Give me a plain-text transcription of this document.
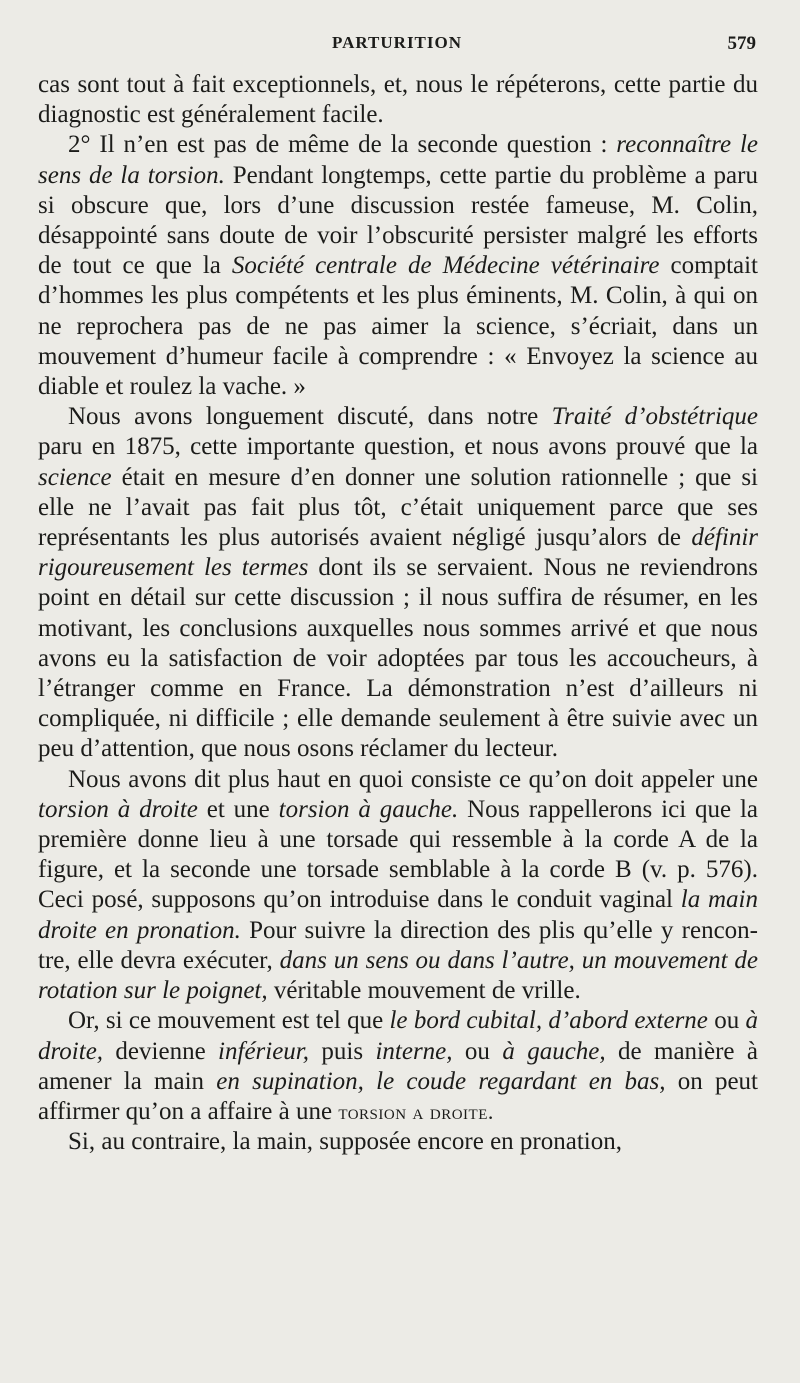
PARTURITION	579

cas sont tout à fait exceptionnels, et, nous le répéterons, cette partie du diagnostic est généralement facile.

2° Il n’en est pas de même de la seconde question : reconnaître le sens de la torsion. Pendant longtemps, cette partie du problème a paru si obscure que, lors d’une discussion restée fameuse, M. Colin, désappointé sans doute de voir l’obscurité persister malgré les efforts de tout ce que la Société centrale de Médecine vétérinaire comptait d’hommes les plus compétents et les plus éminents, M. Colin, à qui on ne reprochera pas de ne pas aimer la science, s’écriait, dans un mouvement d’humeur facile à comprendre : « Envoyez la science au diable et roulez la vache. »

Nous avons longuement discuté, dans notre Traité d’obstétrique paru en 1875, cette importante question, et nous avons prouvé que la science était en mesure d’en donner une solution rationnelle ; que si elle ne l’avait pas fait plus tôt, c’était uniquement parce que ses représentants les plus autorisés avaient négligé jusqu’alors de définir rigoureusement les termes dont ils se servaient. Nous ne reviendrons point en détail sur cette discussion ; il nous suffira de résumer, en les motivant, les conclusions auxquelles nous sommes arrivé et que nous avons eu la satisfaction de voir adoptées par tous les accoucheurs, à l’étranger comme en France. La démonstration n’est d’ailleurs ni compliquée, ni difficile ; elle demande seulement à être suivie avec un peu d’attention, que nous osons réclamer du lecteur.

Nous avons dit plus haut en quoi consiste ce qu’on doit appeler une torsion à droite et une torsion à gauche. Nous rappellerons ici que la première donne lieu à une torsade qui ressemble à la corde A de la figure, et la seconde une torsade semblable à la corde B (v. p. 576). Ceci posé, supposons qu’on introduise dans le conduit vaginal la main droite en pronation. Pour suivre la direction des plis qu’elle y rencontre, elle devra exécuter, dans un sens ou dans l’autre, un mouvement de rotation sur le poignet, véritable mouvement de vrille.

Or, si ce mouvement est tel que le bord cubital, d’abord externe ou à droite, devienne inférieur, puis interne, ou à gauche, de manière à amener la main en supination, le coude regardant en bas, on peut affirmer qu’on a affaire à une torsion a droite.

Si, au contraire, la main, supposée encore en pronation,
